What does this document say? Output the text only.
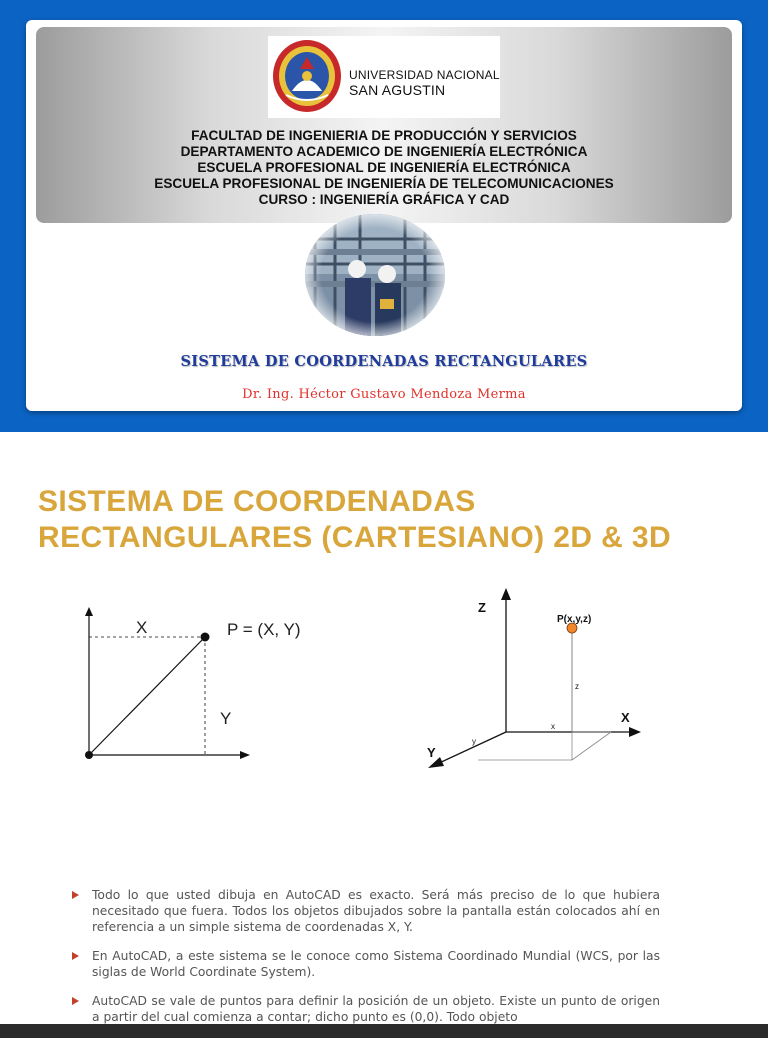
UNIVERSIDAD NACIONAL
SAN AGUSTIN
FACULTAD DE INGENIERIA DE PRODUCCIÓN Y SERVICIOS
DEPARTAMENTO ACADEMICO DE INGENIERÍA ELECTRÓNICA
ESCUELA PROFESIONAL DE INGENIERÍA ELECTRÓNICA
ESCUELA PROFESIONAL DE INGENIERÍA DE TELECOMUNICACIONES
CURSO : INGENIERÍA GRÁFICA Y CAD
SISTEMA DE COORDENADAS RECTANGULARES
Dr. Ing. Héctor Gustavo Mendoza Merma
SISTEMA DE COORDENADAS
RECTANGULARES (CARTESIANO) 2D & 3D
X
Y
P = (X, Y)
Z
X
Y
P(x,y,z)
z
x
y
Todo lo que usted dibuja en AutoCAD es exacto. Será más preciso de lo que hubiera necesitado que fuera. Todos los objetos dibujados sobre la pantalla están colocados ahí en referencia a un simple sistema de coordenadas X, Y.
En AutoCAD, a este sistema se le conoce como Sistema Coordinado Mundial (WCS, por las siglas de World Coordinate System).
AutoCAD se vale de puntos para definir la posición de un objeto. Existe un punto de origen a partir del cual comienza a contar; dicho punto es (0,0). Todo objeto
